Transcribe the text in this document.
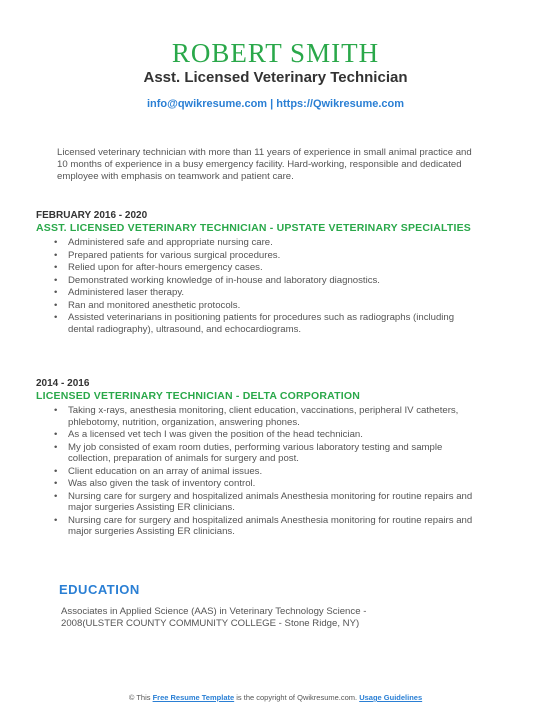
ROBERT SMITH
Asst. Licensed Veterinary Technician
info@qwikresume.com | https://Qwikresume.com
Licensed veterinary technician with more than 11 years of experience in small animal practice and 10 months of experience in a busy emergency facility. Hard-working, responsible and dedicated employee with emphasis on teamwork and patient care.
FEBRUARY 2016 - 2020
ASST. LICENSED VETERINARY TECHNICIAN - UPSTATE VETERINARY SPECIALTIES
• Administered safe and appropriate nursing care.
• Prepared patients for various surgical procedures.
• Relied upon for after-hours emergency cases.
• Demonstrated working knowledge of in-house and laboratory diagnostics.
• Administered laser therapy.
• Ran and monitored anesthetic protocols.
• Assisted veterinarians in positioning patients for procedures such as radiographs (including dental radiography), ultrasound, and echocardiograms.
2014 - 2016
LICENSED VETERINARY TECHNICIAN - DELTA CORPORATION
• Taking x-rays, anesthesia monitoring, client education, vaccinations, peripheral IV catheters, phlebotomy, nutrition, organization, answering phones.
• As a licensed vet tech I was given the position of the head technician.
• My job consisted of exam room duties, performing various laboratory testing and sample collection, preparation of animals for surgery and post.
• Client education on an array of animal issues.
• Was also given the task of inventory control.
• Nursing care for surgery and hospitalized animals Anesthesia monitoring for routine repairs and major surgeries Assisting ER clinicians.
• Nursing care for surgery and hospitalized animals Anesthesia monitoring for routine repairs and major surgeries Assisting ER clinicians.
EDUCATION
Associates in Applied Science (AAS) in Veterinary Technology Science - 2008(ULSTER COUNTY COMMUNITY COLLEGE - Stone Ridge, NY)
© This Free Resume Template is the copyright of Qwikresume.com. Usage Guidelines
